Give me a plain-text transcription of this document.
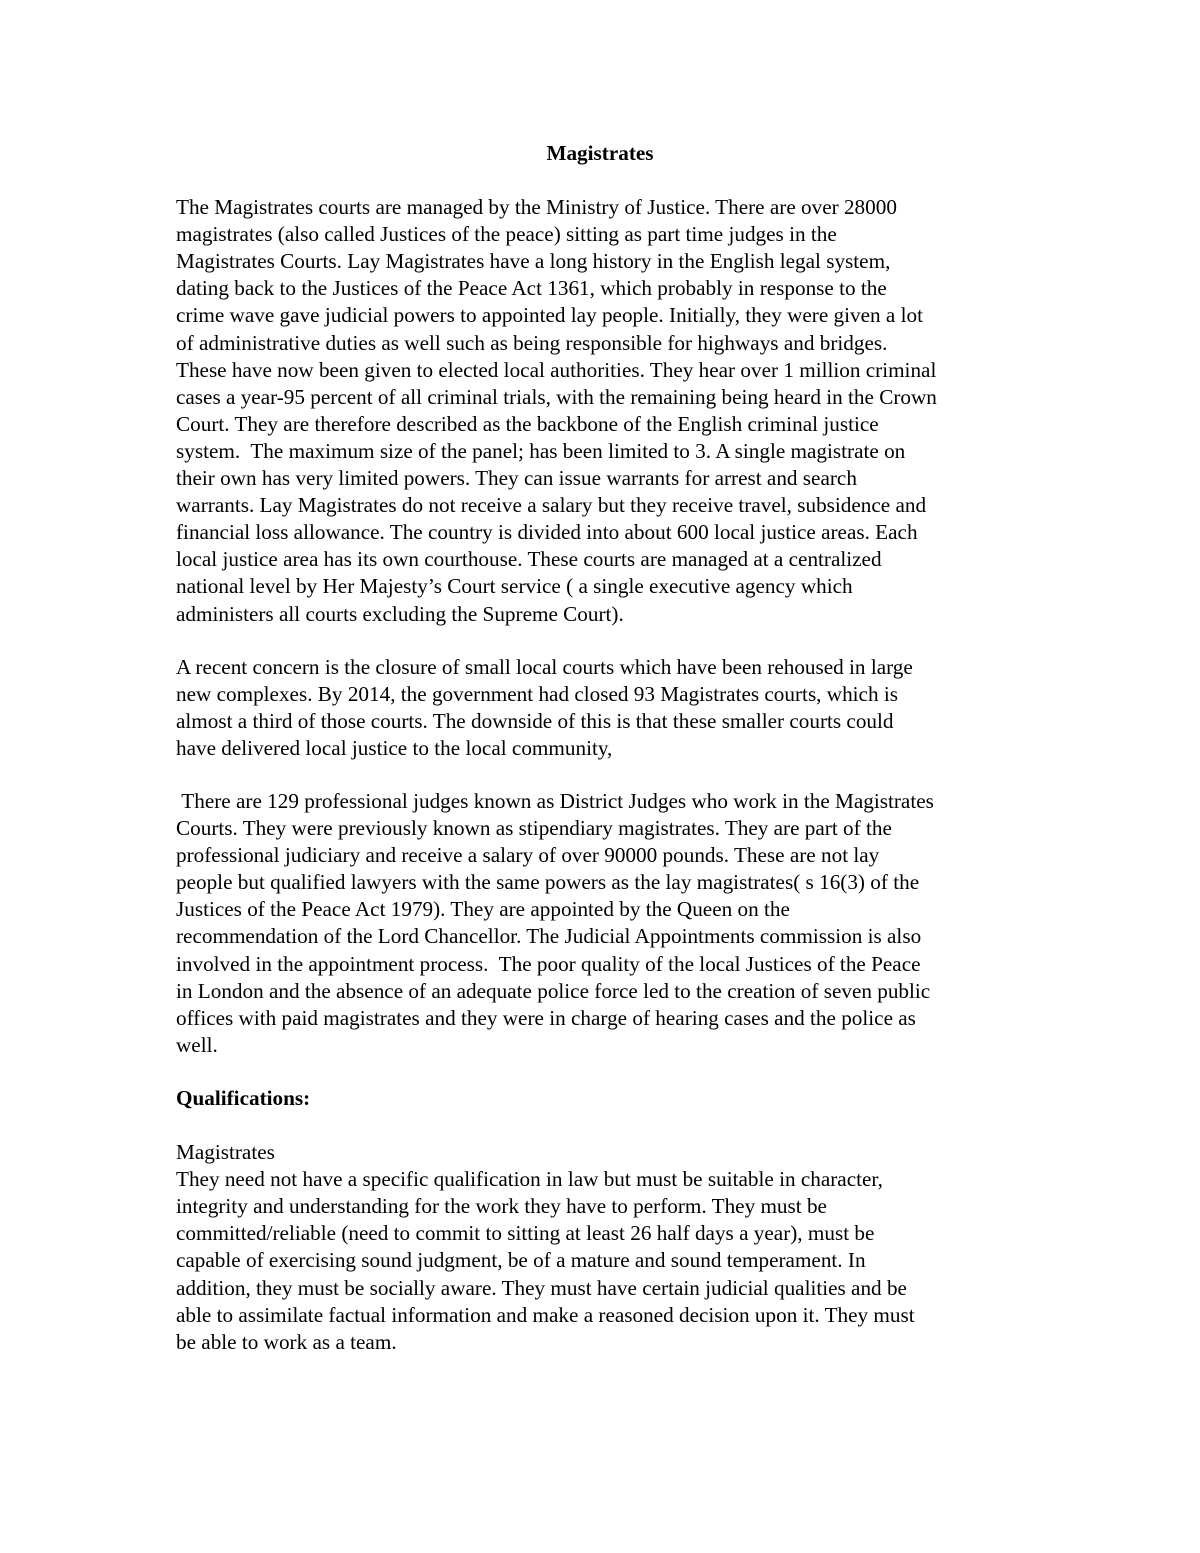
Magistrates
The Magistrates courts are managed by the Ministry of Justice. There are over 28000
magistrates (also called Justices of the peace) sitting as part time judges in the
Magistrates Courts. Lay Magistrates have a long history in the English legal system,
dating back to the Justices of the Peace Act 1361, which probably in response to the
crime wave gave judicial powers to appointed lay people. Initially, they were given a lot
of administrative duties as well such as being responsible for highways and bridges.
These have now been given to elected local authorities. They hear over 1 million criminal
cases a year-95 percent of all criminal trials, with the remaining being heard in the Crown
Court. They are therefore described as the backbone of the English criminal justice
system.  The maximum size of the panel; has been limited to 3. A single magistrate on
their own has very limited powers. They can issue warrants for arrest and search
warrants. Lay Magistrates do not receive a salary but they receive travel, subsidence and
financial loss allowance. The country is divided into about 600 local justice areas. Each
local justice area has its own courthouse. These courts are managed at a centralized
national level by Her Majesty’s Court service ( a single executive agency which
administers all courts excluding the Supreme Court).
A recent concern is the closure of small local courts which have been rehoused in large
new complexes. By 2014, the government had closed 93 Magistrates courts, which is
almost a third of those courts. The downside of this is that these smaller courts could
have delivered local justice to the local community,
There are 129 professional judges known as District Judges who work in the Magistrates
Courts. They were previously known as stipendiary magistrates. They are part of the
professional judiciary and receive a salary of over 90000 pounds. These are not lay
people but qualified lawyers with the same powers as the lay magistrates( s 16(3) of the
Justices of the Peace Act 1979). They are appointed by the Queen on the
recommendation of the Lord Chancellor. The Judicial Appointments commission is also
involved in the appointment process.  The poor quality of the local Justices of the Peace
in London and the absence of an adequate police force led to the creation of seven public
offices with paid magistrates and they were in charge of hearing cases and the police as
well.
Qualifications:
Magistrates
They need not have a specific qualification in law but must be suitable in character,
integrity and understanding for the work they have to perform. They must be
committed/reliable (need to commit to sitting at least 26 half days a year), must be
capable of exercising sound judgment, be of a mature and sound temperament. In
addition, they must be socially aware. They must have certain judicial qualities and be
able to assimilate factual information and make a reasoned decision upon it. They must
be able to work as a team.
